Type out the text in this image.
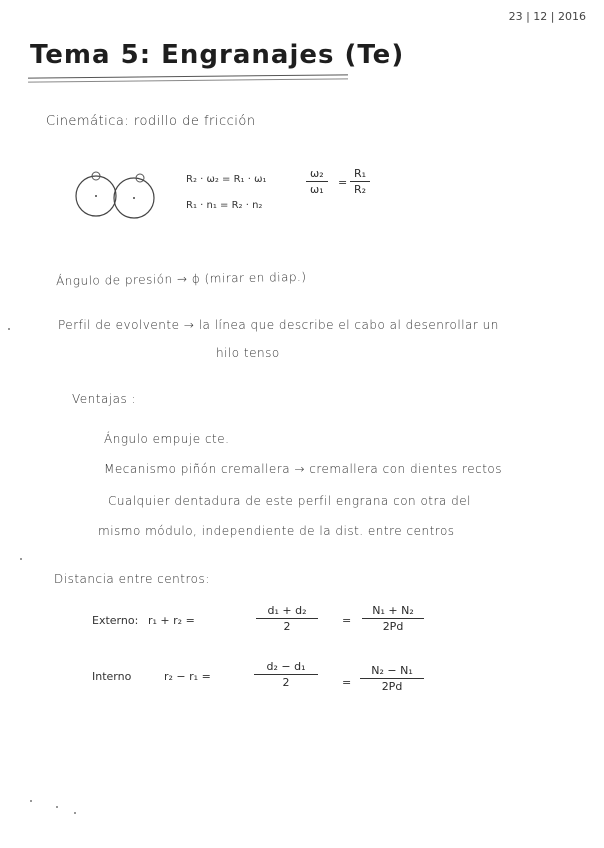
23 | 12 | 2016
Tema 5: Engranajes (Te)
Cinemática: rodillo de fricción
R₂ · ω₂ = R₁ · ω₁	ω₂
ω₁
=
R₁
R₂
R₁ · n₁ = R₂ · n₂
Ángulo de presión → ϕ (mirar en diap.)
Perfil de evolvente → la línea que describe el cabo al desenrollar un
hilo tenso
Ventajas :
Ángulo empuje cte.
Mecanismo piñón cremallera → cremallera con dientes rectos
Cualquier dentadura de este perfil engrana con otra del
mismo módulo, independiente de la dist. entre centros
Distancia entre centros:
Externo: r₁ + r₂ =
d₁ + d₂
2	=
N₁ + N₂
2Pd
Interno	r₂ − r₁ =
d₂ − d₁
2	=
N₂ − N₁
2Pd
